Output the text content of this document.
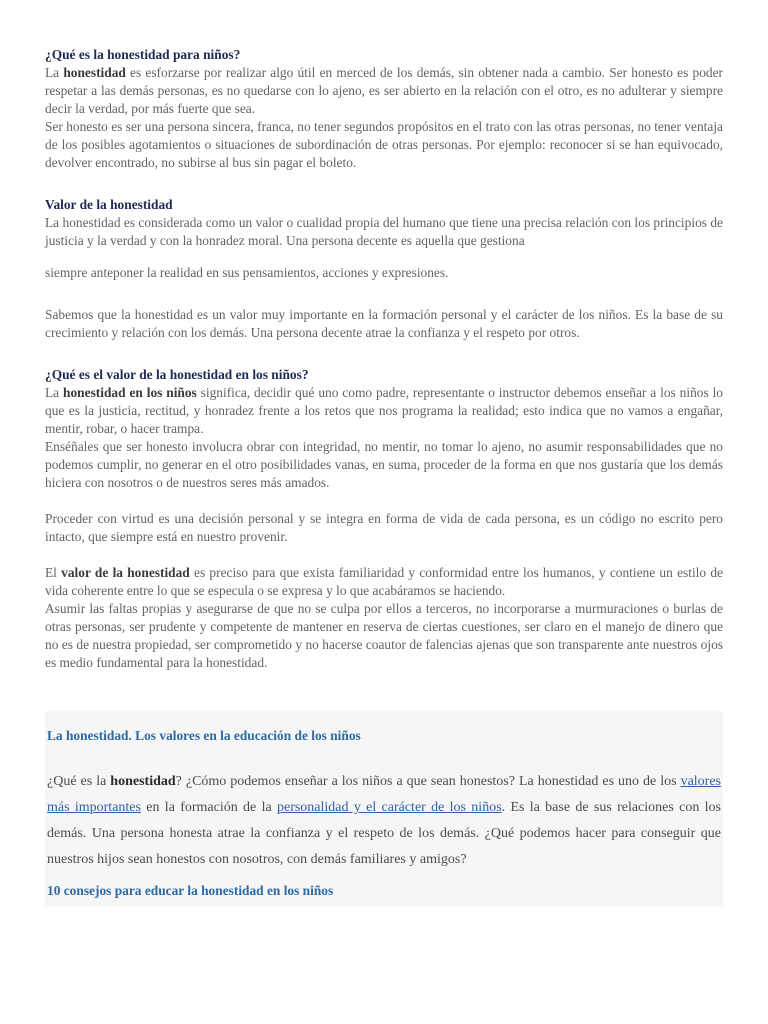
¿Qué es la honestidad para niños?

La honestidad es esforzarse por realizar algo útil en merced de los demás, sin obtener nada a cambio. Ser honesto es poder respetar a las demás personas, es no quedarse con lo ajeno, es ser abierto en la relación con el otro, es no adulterar y siempre decir la verdad, por más fuerte que sea.

Ser honesto es ser una persona sincera, franca, no tener segundos propósitos en el trato con las otras personas, no tener ventaja de los posibles agotamientos o situaciones de subordinación de otras personas. Por ejemplo: reconocer si se han equivocado, devolver encontrado, no subirse al bus sin pagar el boleto.

Valor de la honestidad

La honestidad es considerada como un valor o cualidad propia del humano que tiene una precisa relación con los principios de justicia y la verdad y con la honradez moral. Una persona decente es aquella que gestiona

siempre anteponer la realidad en sus pensamientos, acciones y expresiones.

Sabemos que la honestidad es un valor muy importante en la formación personal y el carácter de los niños. Es la base de su crecimiento y relación con los demás. Una persona decente atrae la confianza y el respeto por otros.

¿Qué es el valor de la honestidad en los niños?

La honestidad en los niños significa, decidir qué uno como padre, representante o instructor debemos enseñar a los niños lo que es la justicia, rectitud, y honradez frente a los retos que nos programa la realidad; esto indica que no vamos a engañar, mentir, robar, o hacer trampa.

Enséñales que ser honesto involucra obrar con integridad, no mentir, no tomar lo ajeno, no asumir responsabilidades que no podemos cumplir, no generar en el otro posibilidades vanas, en suma, proceder de la forma en que nos gustaría que los demás hiciera con nosotros o de nuestros seres más amados.

Proceder con virtud es una decisión personal y se integra en forma de vida de cada persona, es un código no escrito pero intacto, que siempre está en nuestro provenir.

El valor de la honestidad es preciso para que exista familiaridad y conformidad entre los humanos, y contiene un estilo de vida coherente entre lo que se especula o se expresa y lo que acabáramos se haciendo.

Asumir las faltas propias y asegurarse de que no se culpa por ellos a terceros, no incorporarse a murmuraciones o burlas de otras personas, ser prudente y competente de mantener en reserva de ciertas cuestiones, ser claro en el manejo de dinero que no es de nuestra propiedad, ser comprometido y no hacerse coautor de falencias ajenas que son transparente ante nuestros ojos es medio fundamental para la honestidad.

La honestidad. Los valores en la educación de los niños

¿Qué es la honestidad? ¿Cómo podemos enseñar a los niños a que sean honestos? La honestidad es uno de los valores más importantes en la formación de la personalidad y el carácter de los niños. Es la base de sus relaciones con los demás. Una persona honesta atrae la confianza y el respeto de los demás. ¿Qué podemos hacer para conseguir que nuestros hijos sean honestos con nosotros, con demás familiares y amigos?

10 consejos para educar la honestidad en los niños
